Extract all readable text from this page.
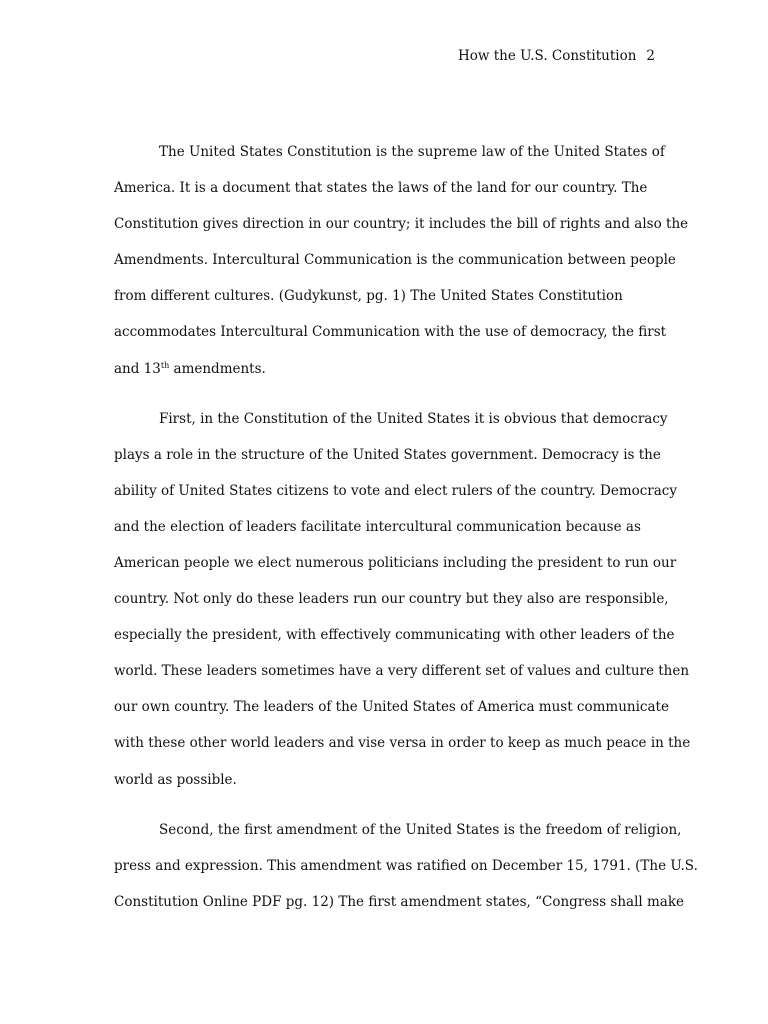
How the U.S. Constitution 2

The United States Constitution is the supreme law of the United States of
America. It is a document that states the laws of the land for our country. The
Constitution gives direction in our country; it includes the bill of rights and also the
Amendments. Intercultural Communication is the communication between people
from different cultures. (Gudykunst, pg. 1) The United States Constitution
accommodates Intercultural Communication with the use of democracy, the first
and 13th amendments.

First, in the Constitution of the United States it is obvious that democracy
plays a role in the structure of the United States government. Democracy is the
ability of United States citizens to vote and elect rulers of the country. Democracy
and the election of leaders facilitate intercultural communication because as
American people we elect numerous politicians including the president to run our
country. Not only do these leaders run our country but they also are responsible,
especially the president, with effectively communicating with other leaders of the
world. These leaders sometimes have a very different set of values and culture then
our own country. The leaders of the United States of America must communicate
with these other world leaders and vise versa in order to keep as much peace in the
world as possible.

Second, the first amendment of the United States is the freedom of religion,
press and expression. This amendment was ratified on December 15, 1791. (The U.S.
Constitution Online PDF pg. 12) The first amendment states, “Congress shall make
